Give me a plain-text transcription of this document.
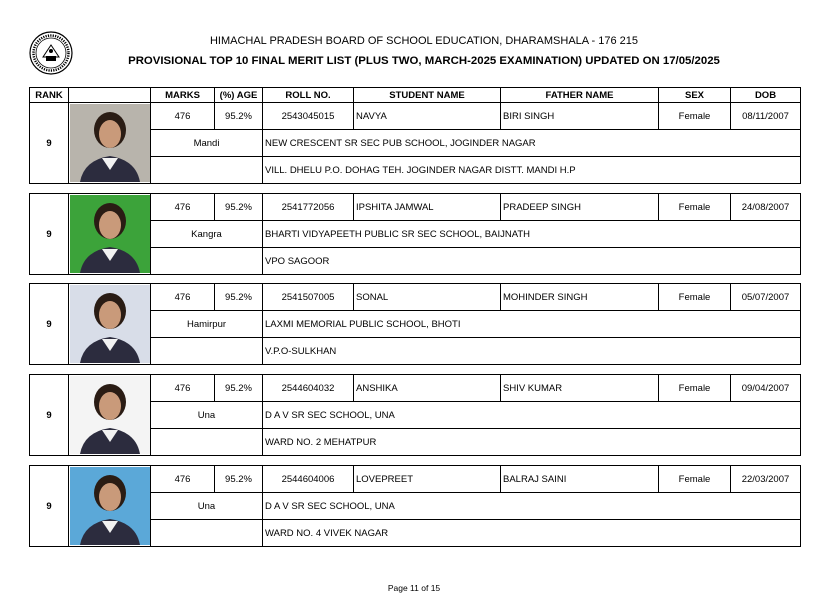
HIMACHAL PRADESH BOARD OF SCHOOL EDUCATION, DHARAMSHALA - 176 215
PROVISIONAL TOP 10 FINAL MERIT LIST (PLUS TWO, MARCH-2025 EXAMINATION) UPDATED ON 17/05/2025
RANK		MARKS	(%) AGE	ROLL NO.	STUDENT NAME	FATHER NAME	SEX	DOB
9		476	95.2%	2543045015	NAVYA	BIRI SINGH	Female	08/11/2007
		Mandi		NEW CRESCENT SR SEC PUB SCHOOL, JOGINDER NAGAR				
				VILL. DHELU P.O. DOHAG TEH. JOGINDER NAGAR DISTT. MANDI H.P				
9		476	95.2%	2541772056	IPSHITA JAMWAL	PRADEEP SINGH	Female	24/08/2007
		Kangra		BHARTI VIDYAPEETH PUBLIC SR SEC SCHOOL, BAIJNATH				
				VPO SAGOOR				
9		476	95.2%	2541507005	SONAL	MOHINDER SINGH	Female	05/07/2007
		Hamirpur		LAXMI MEMORIAL PUBLIC SCHOOL, BHOTI				
				V.P.O-SULKHAN				
9		476	95.2%	2544604032	ANSHIKA	SHIV KUMAR	Female	09/04/2007
		Una		D A V SR SEC SCHOOL, UNA				
				WARD NO. 2 MEHATPUR				
9		476	95.2%	2544604006	LOVEPREET	BALRAJ SAINI	Female	22/03/2007
		Una		D A V SR SEC SCHOOL, UNA				
				WARD NO. 4 VIVEK NAGAR				
Page 11 of 15
